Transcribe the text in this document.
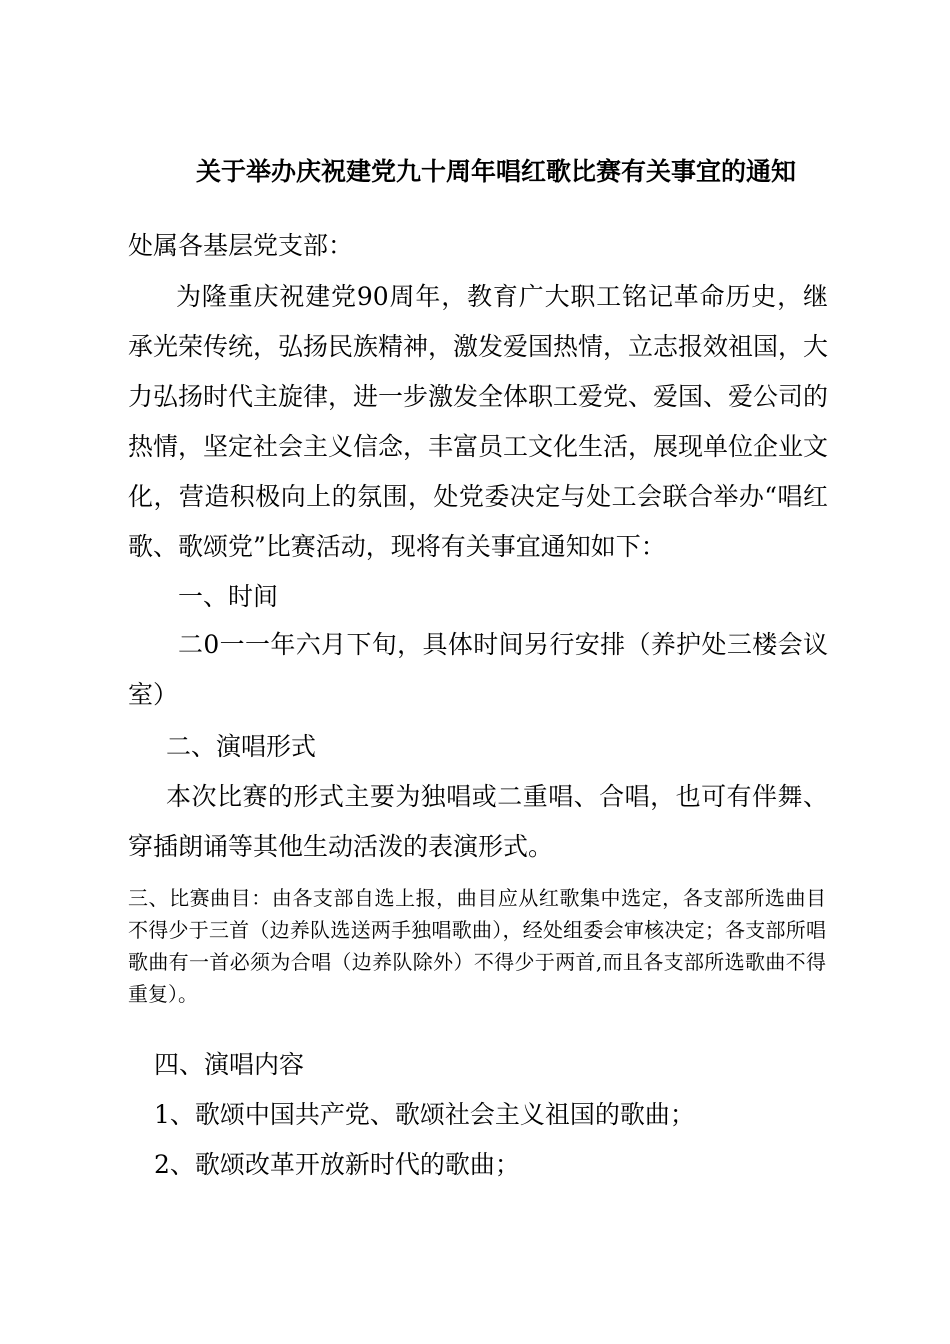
关于举办庆祝建党九十周年唱红歌比赛有关事宜的通知
处属各基层党支部：

为隆重庆祝建党90周年，教育广大职工铭记革命历史，继承光荣传统，弘扬民族精神，激发爱国热情，立志报效祖国，大力弘扬时代主旋律，进一步激发全体职工爱党、爱国、爱公司的热情，坚定社会主义信念，丰富员工文化生活，展现单位企业文化，营造积极向上的氛围，处党委决定与处工会联合举办“唱红歌、歌颂党”比赛活动，现将有关事宜通知如下：

一、时间

二0一一年六月下旬，具体时间另行安排（养护处三楼会议室）

二、演唱形式

本次比赛的形式主要为独唱或二重唱、合唱，也可有伴舞、穿插朗诵等其他生动活泼的表演形式。

三、比赛曲目：由各支部自选上报，曲目应从红歌集中选定，各支部所选曲目不得少于三首（边养队选送两手独唱歌曲），经处组委会审核决定；各支部所唱歌曲有一首必须为合唱（边养队除外）不得少于两首,而且各支部所选歌曲不得重复）。

四、演唱内容

1、歌颂中国共产党、歌颂社会主义祖国的歌曲；

2、歌颂改革开放新时代的歌曲；
